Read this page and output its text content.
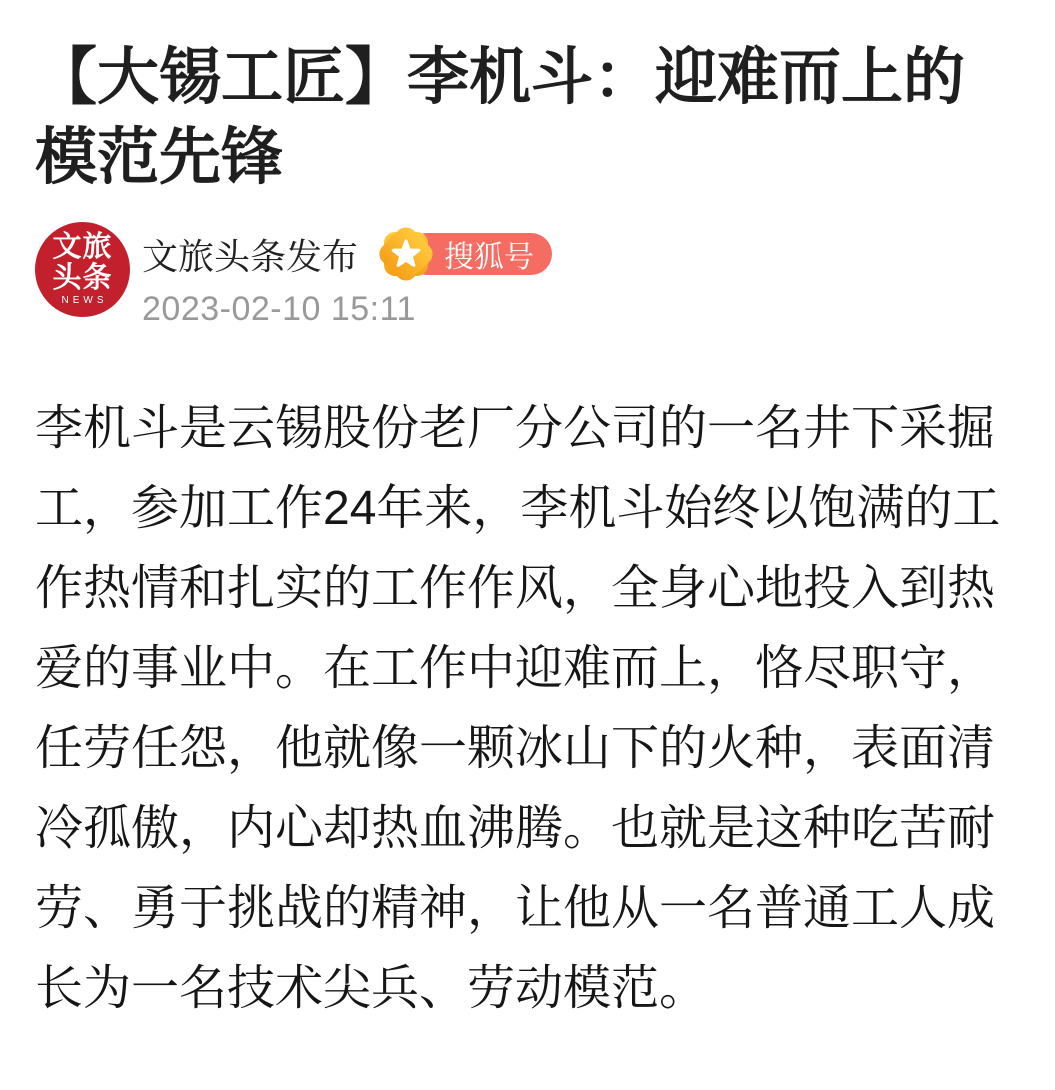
【大锡工匠】李机斗：迎难而上的模范先锋
文旅
头条
NEWS
文旅头条发布	搜狐号
2023-02-10 15:11

李机斗是云锡股份老厂分公司的一名井下采掘工，参加工作24年来，李机斗始终以饱满的工作热情和扎实的工作作风，全身心地投入到热爱的事业中。在工作中迎难而上，恪尽职守，任劳任怨，他就像一颗冰山下的火种，表面清冷孤傲，内心却热血沸腾。也就是这种吃苦耐劳、勇于挑战的精神，让他从一名普通工人成长为一名技术尖兵、劳动模范。
